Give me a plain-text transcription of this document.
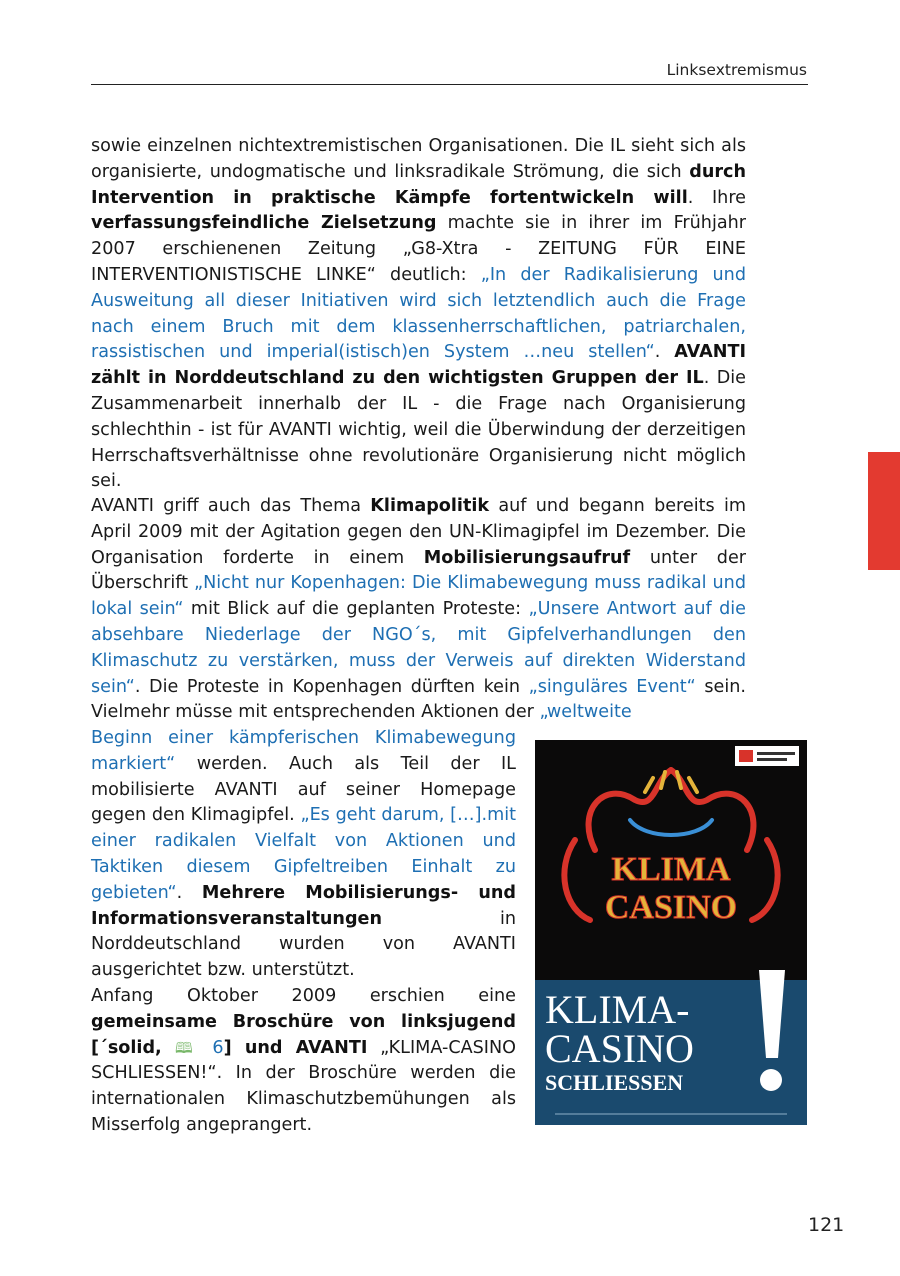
Linksextremismus
sowie einzelnen nichtextremistischen Organisationen. Die IL sieht sich als organisierte, undogmatische und linksradikale Strömung, die sich durch Intervention in praktische Kämpfe fortentwickeln will. Ihre verfassungsfeindliche Zielsetzung machte sie in ihrer im Frühjahr 2007 erschienenen Zeitung „G8-Xtra - ZEITUNG FÜR EINE INTERVENTIONISTISCHE LINKE“ deutlich: „In der Radikalisierung und Ausweitung all dieser Initiativen wird sich letztendlich auch die Frage nach einem Bruch mit dem klassenherrschaftlichen, patriarchalen, rassistischen und imperial(istisch)en System …neu stellen“. AVANTI zählt in Norddeutschland zu den wichtigsten Gruppen der IL. Die Zusammenarbeit innerhalb der IL - die Frage nach Organisierung schlechthin - ist für AVANTI wichtig, weil die Überwindung der derzeitigen Herrschaftsverhältnisse ohne revolutionäre Organisierung nicht möglich sei.
AVANTI griff auch das Thema Klimapolitik auf und begann bereits im April 2009 mit der Agitation gegen den UN-Klimagipfel im Dezember. Die Organisation forderte in einem Mobilisierungsaufruf unter der Überschrift „Nicht nur Kopenhagen: Die Klimabewegung muss radikal und lokal sein“ mit Blick auf die geplanten Proteste: „Unsere Antwort auf die absehbare Niederlage der NGO´s, mit Gipfelverhandlungen den Klimaschutz zu verstärken, muss der Verweis auf direkten Widerstand sein“. Die Proteste in Kopenhagen dürften kein „singuläres Event“ sein. Vielmehr müsse mit entsprechenden Aktionen der „weltweite
Beginn einer kämpferischen Klimabewegung markiert“ werden. Auch als Teil der IL mobilisierte AVANTI auf seiner Homepage gegen den Klimagipfel. „Es geht darum, […].mit einer radikalen Vielfalt von Aktionen und Taktiken diesem Gipfeltreiben Einhalt zu gebieten“. Mehrere Mobilisierungs- und Informationsveranstaltungen in Norddeutschland wurden von AVANTI ausgerichtet bzw. unterstützt.
Anfang Oktober 2009 erschien eine gemeinsame Broschüre von linksjugend [´solid, 🕮 6] und AVANTI „KLIMA-CASINO SCHLIESSEN!“. In der Broschüre werden die internationalen Klimaschutzbemühungen als Misserfolg angeprangert.
KLIMA
CASINO
KLIMA-
CASINO
SCHLIESSEN
121
